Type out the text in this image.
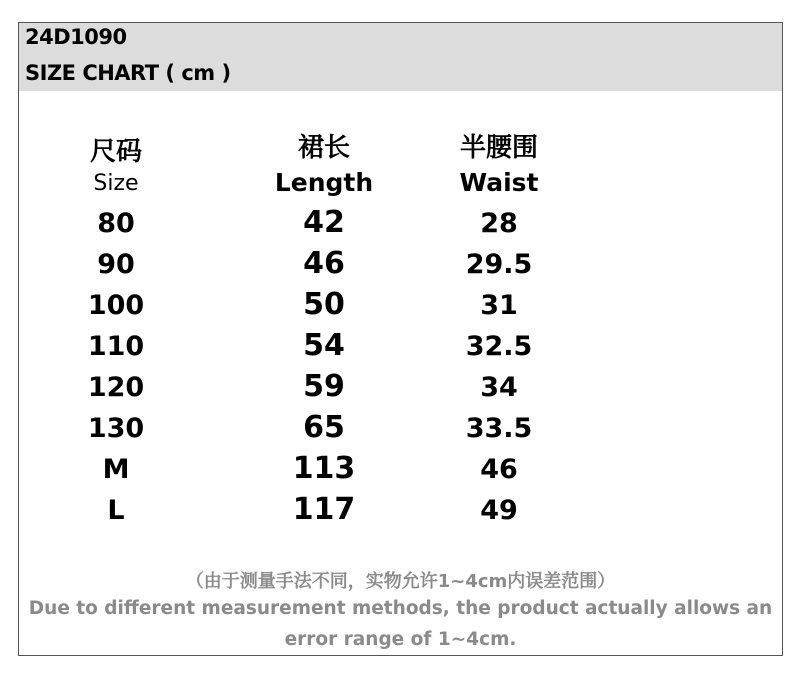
24D1090
SIZE CHART ( cm )
尺码	裙长	半腰围
Size	Length	Waist
80	42	28
90	46	29.5
100	50	31
110	54	32.5
120	59	34
130	65	33.5
M	113	46
L	117	49
（由于测量手法不同，实物允许1~4cm内误差范围）
Due to different measurement methods, the product actually allows an
error range of 1~4cm.
